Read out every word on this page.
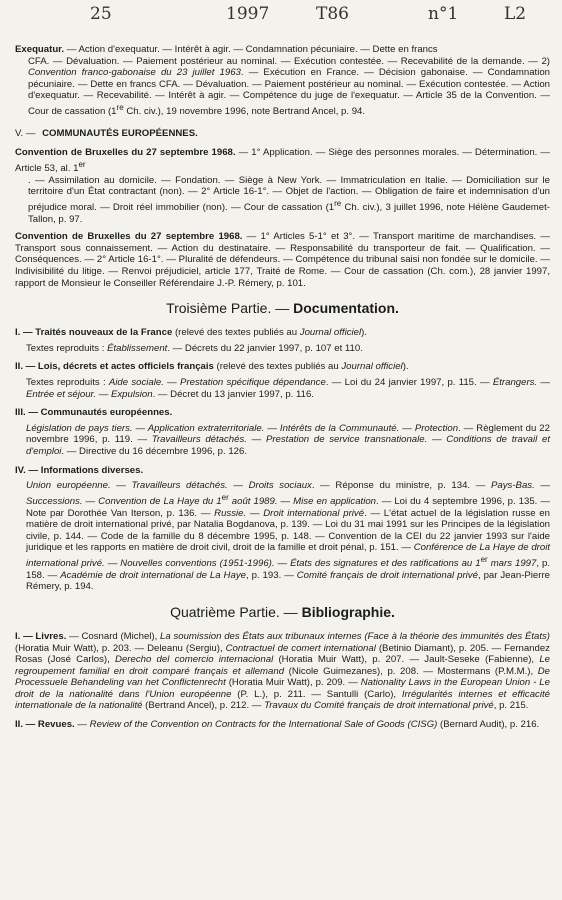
25	1997	T86	n°1	L2
Exequatur. — Action d'exequatur. — Intérêt à agir. — Condamnation pécuniaire. — Dette en francs
CFA. — Dévaluation. — Paiement postérieur au nominal. — Exécution contestée. — Recevabilité de la demande. — 2) Convention franco-gabonaise du 23 juillet 1963. — Exécution en France. — Décision gabonaise. — Condamnation pécuniaire. — Dette en francs CFA. — Dévaluation. — Paiement postérieur au nominal. — Exécution contestée. — Action d'exequatur. — Recevabilité. — Intérêt à agir. — Compétence du juge de l'exequatur. — Article 35 de la Convention. — Cour de cassation (1re Ch. civ.), 19 novembre 1996, note Bertrand Ancel, p. 94.
V. — COMMUNAUTÉS EUROPÉENNES.
Convention de Bruxelles du 27 septembre 1968. — 1° Application. — Siège des personnes morales. — Détermination. — Article 53, al. 1er
. — Assimilation au domicile. — Fondation. — Siège à New York. — Immatriculation en Italie. — Domiciliation sur le territoire d'un État contractant (non). — 2° Article 16-1°. — Objet de l'action. — Obligation de faire et indemnisation d'un préjudice moral. — Droit réel immobilier (non). — Cour de cassation (1re Ch. civ.), 3 juillet 1996, note Hélène Gaudemet-Tallon, p. 97.
Convention de Bruxelles du 27 septembre 1968. — 1° Articles 5-1° et 3°. — Transport maritime de marchandises. — Transport sous connaissement. — Action du destinataire. — Responsabilité du transporteur de fait. — Qualification. — Conséquences. — 2° Article 16-1°. — Pluralité de défendeurs. — Compétence du tribunal saisi non fondée sur le domicile. — Indivisibilité du litige. — Renvoi préjudiciel, article 177, Traité de Rome. — Cour de cassation (Ch. com.), 28 janvier 1997, rapport de Monsieur le Conseiller Référendaire J.-P. Rémery, p. 101.
Troisième Partie. — Documentation.
I. — Traités nouveaux de la France (relevé des textes publiés au Journal officiel).
Textes reproduits : Établissement. — Décrets du 22 janvier 1997, p. 107 et 110.
II. — Lois, décrets et actes officiels français (relevé des textes publiés au Journal officiel).
Textes reproduits : Aide sociale. — Prestation spécifique dépendance. — Loi du 24 janvier 1997, p. 115. — Étrangers. — Entrée et séjour. — Expulsion. — Décret du 13 janvier 1997, p. 116.
III. — Communautés européennes.
Législation de pays tiers. — Application extraterritoriale. — Intérêts de la Communauté. — Protection. — Règlement du 22 novembre 1996, p. 119. — Travailleurs détachés. — Prestation de service transnationale. — Conditions de travail et d'emploi. — Directive du 16 décembre 1996, p. 126.
IV. — Informations diverses.
Union européenne. — Travailleurs détachés. — Droits sociaux. — Réponse du ministre, p. 134. — Pays-Bas. — Successions. — Convention de La Haye du 1er août 1989. — Mise en application. — Loi du 4 septembre 1996, p. 135. — Note par Dorothée Van Iterson, p. 136. — Russie. — Droit international privé. — L'état actuel de la législation russe en matière de droit international privé, par Natalia Bogdanova, p. 139. — Loi du 31 mai 1991 sur les Principes de la législation civile, p. 144. — Code de la famille du 8 décembre 1995, p. 148. — Convention de la CEI du 22 janvier 1993 sur l'aide juridique et les rapports en matière de droit civil, droit de la famille et droit pénal, p. 151. — Conférence de La Haye de droit international privé. — Nouvelles conventions (1951-1996). — États des signatures et des ratifications au 1er mars 1997, p. 158. — Académie de droit international de La Haye, p. 193. — Comité français de droit international privé, par Jean-Pierre Rémery, p. 194.
Quatrième Partie. — Bibliographie.
I. — Livres. — Cosnard (Michel), La soumission des États aux tribunaux internes (Face à la théorie des immunités des États) (Horatia Muir Watt), p. 203. — Deleanu (Sergiu), Contractuel de comert international (Betinio Diamant), p. 205. — Fernandez Rosas (José Carlos), Derecho del comercio internacional (Horatia Muir Watt), p. 207. — Jault-Seseke (Fabienne), Le regroupement familial en droit comparé français et allemand (Nicole Guimezanes), p. 208. — Mostermans (P.M.M.), De Processuele Behandeling van het Conflictenrecht (Horatia Muir Watt), p. 209. — Nationality Laws in the European Union - Le droit de la nationalité dans l'Union européenne (P. L.), p. 211. — Santulli (Carlo), Irrégularités internes et efficacité internationale de la nationalité (Bertrand Ancel), p. 212. — Travaux du Comité français de droit international privé, p. 215.
II. — Revues. — Review of the Convention on Contracts for the International Sale of Goods (CISG) (Bernard Audit), p. 216.
